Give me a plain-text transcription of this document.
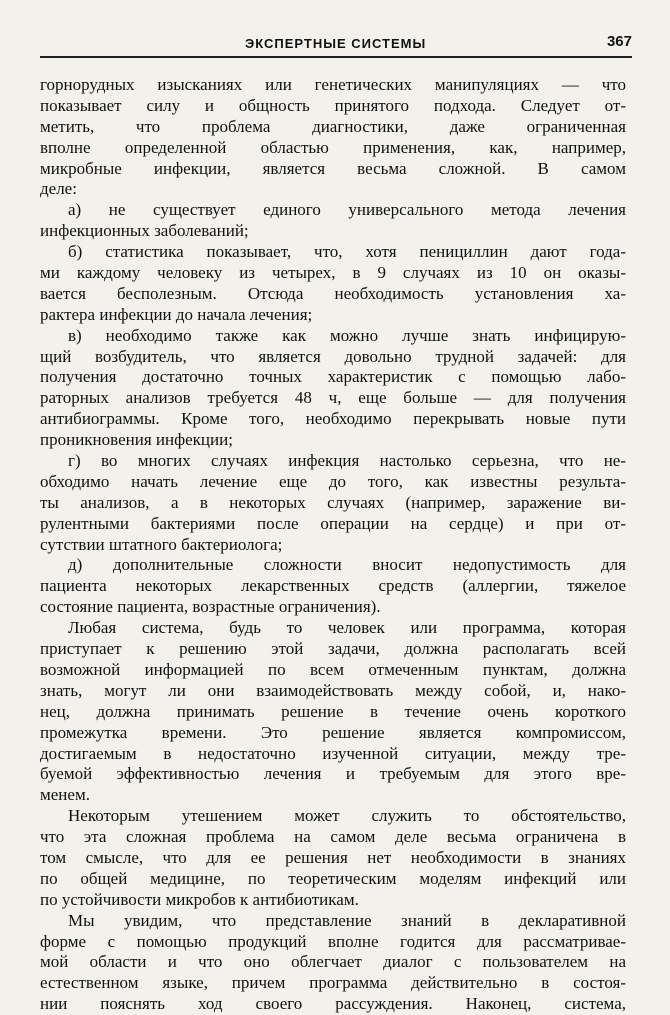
ЭКСПЕРТНЫЕ СИСТЕМЫ	367
горнорудных изысканиях или генетических манипуляциях — что
показывает силу и общность принятого подхода. Следует от-
метить, что проблема диагностики, даже ограниченная
вполне определенной областью применения, как, например,
микробные инфекции, является весьма сложной. В самом
деле:
а) не существует единого универсального метода лечения
инфекционных заболеваний;
б) статистика показывает, что, хотя пенициллин дают года-
ми каждому человеку из четырех, в 9 случаях из 10 он оказы-
вается бесполезным. Отсюда необходимость установления ха-
рактера инфекции до начала лечения;
в) необходимо также как можно лучше знать инфицирую-
щий возбудитель, что является довольно трудной задачей: для
получения достаточно точных характеристик с помощью лабо-
раторных анализов требуется 48 ч, еще больше — для получения
антибиограммы. Кроме того, необходимо перекрывать новые пути
проникновения инфекции;
г) во многих случаях инфекция настолько серьезна, что не-
обходимо начать лечение еще до того, как известны результа-
ты анализов, а в некоторых случаях (например, заражение ви-
рулентными бактериями после операции на сердце) и при от-
сутствии штатного бактериолога;
д) дополнительные сложности вносит недопустимость для
пациента некоторых лекарственных средств (аллергии, тяжелое
состояние пациента, возрастные ограничения).
Любая система, будь то человек или программа, которая
приступает к решению этой задачи, должна располагать всей
возможной информацией по всем отмеченным пунктам, должна
знать, могут ли они взаимодействовать между собой, и, нако-
нец, должна принимать решение в течение очень короткого
промежутка времени. Это решение является компромиссом,
достигаемым в недостаточно изученной ситуации, между тре-
буемой эффективностью лечения и требуемым для этого вре-
менем.
Некоторым утешением может служить то обстоятельство,
что эта сложная проблема на самом деле весьма ограничена в
том смысле, что для ее решения нет необходимости в знаниях
по общей медицине, по теоретическим моделям инфекций или
по устойчивости микробов к антибиотикам.
Мы увидим, что представление знаний в декларативной
форме с помощью продукций вполне годится для рассматривае-
мой области и что оно облегчает диалог с пользователем на
естественном языке, причем программа действительно в состоя-
нии пояснять ход своего рассуждения. Наконец, система,
